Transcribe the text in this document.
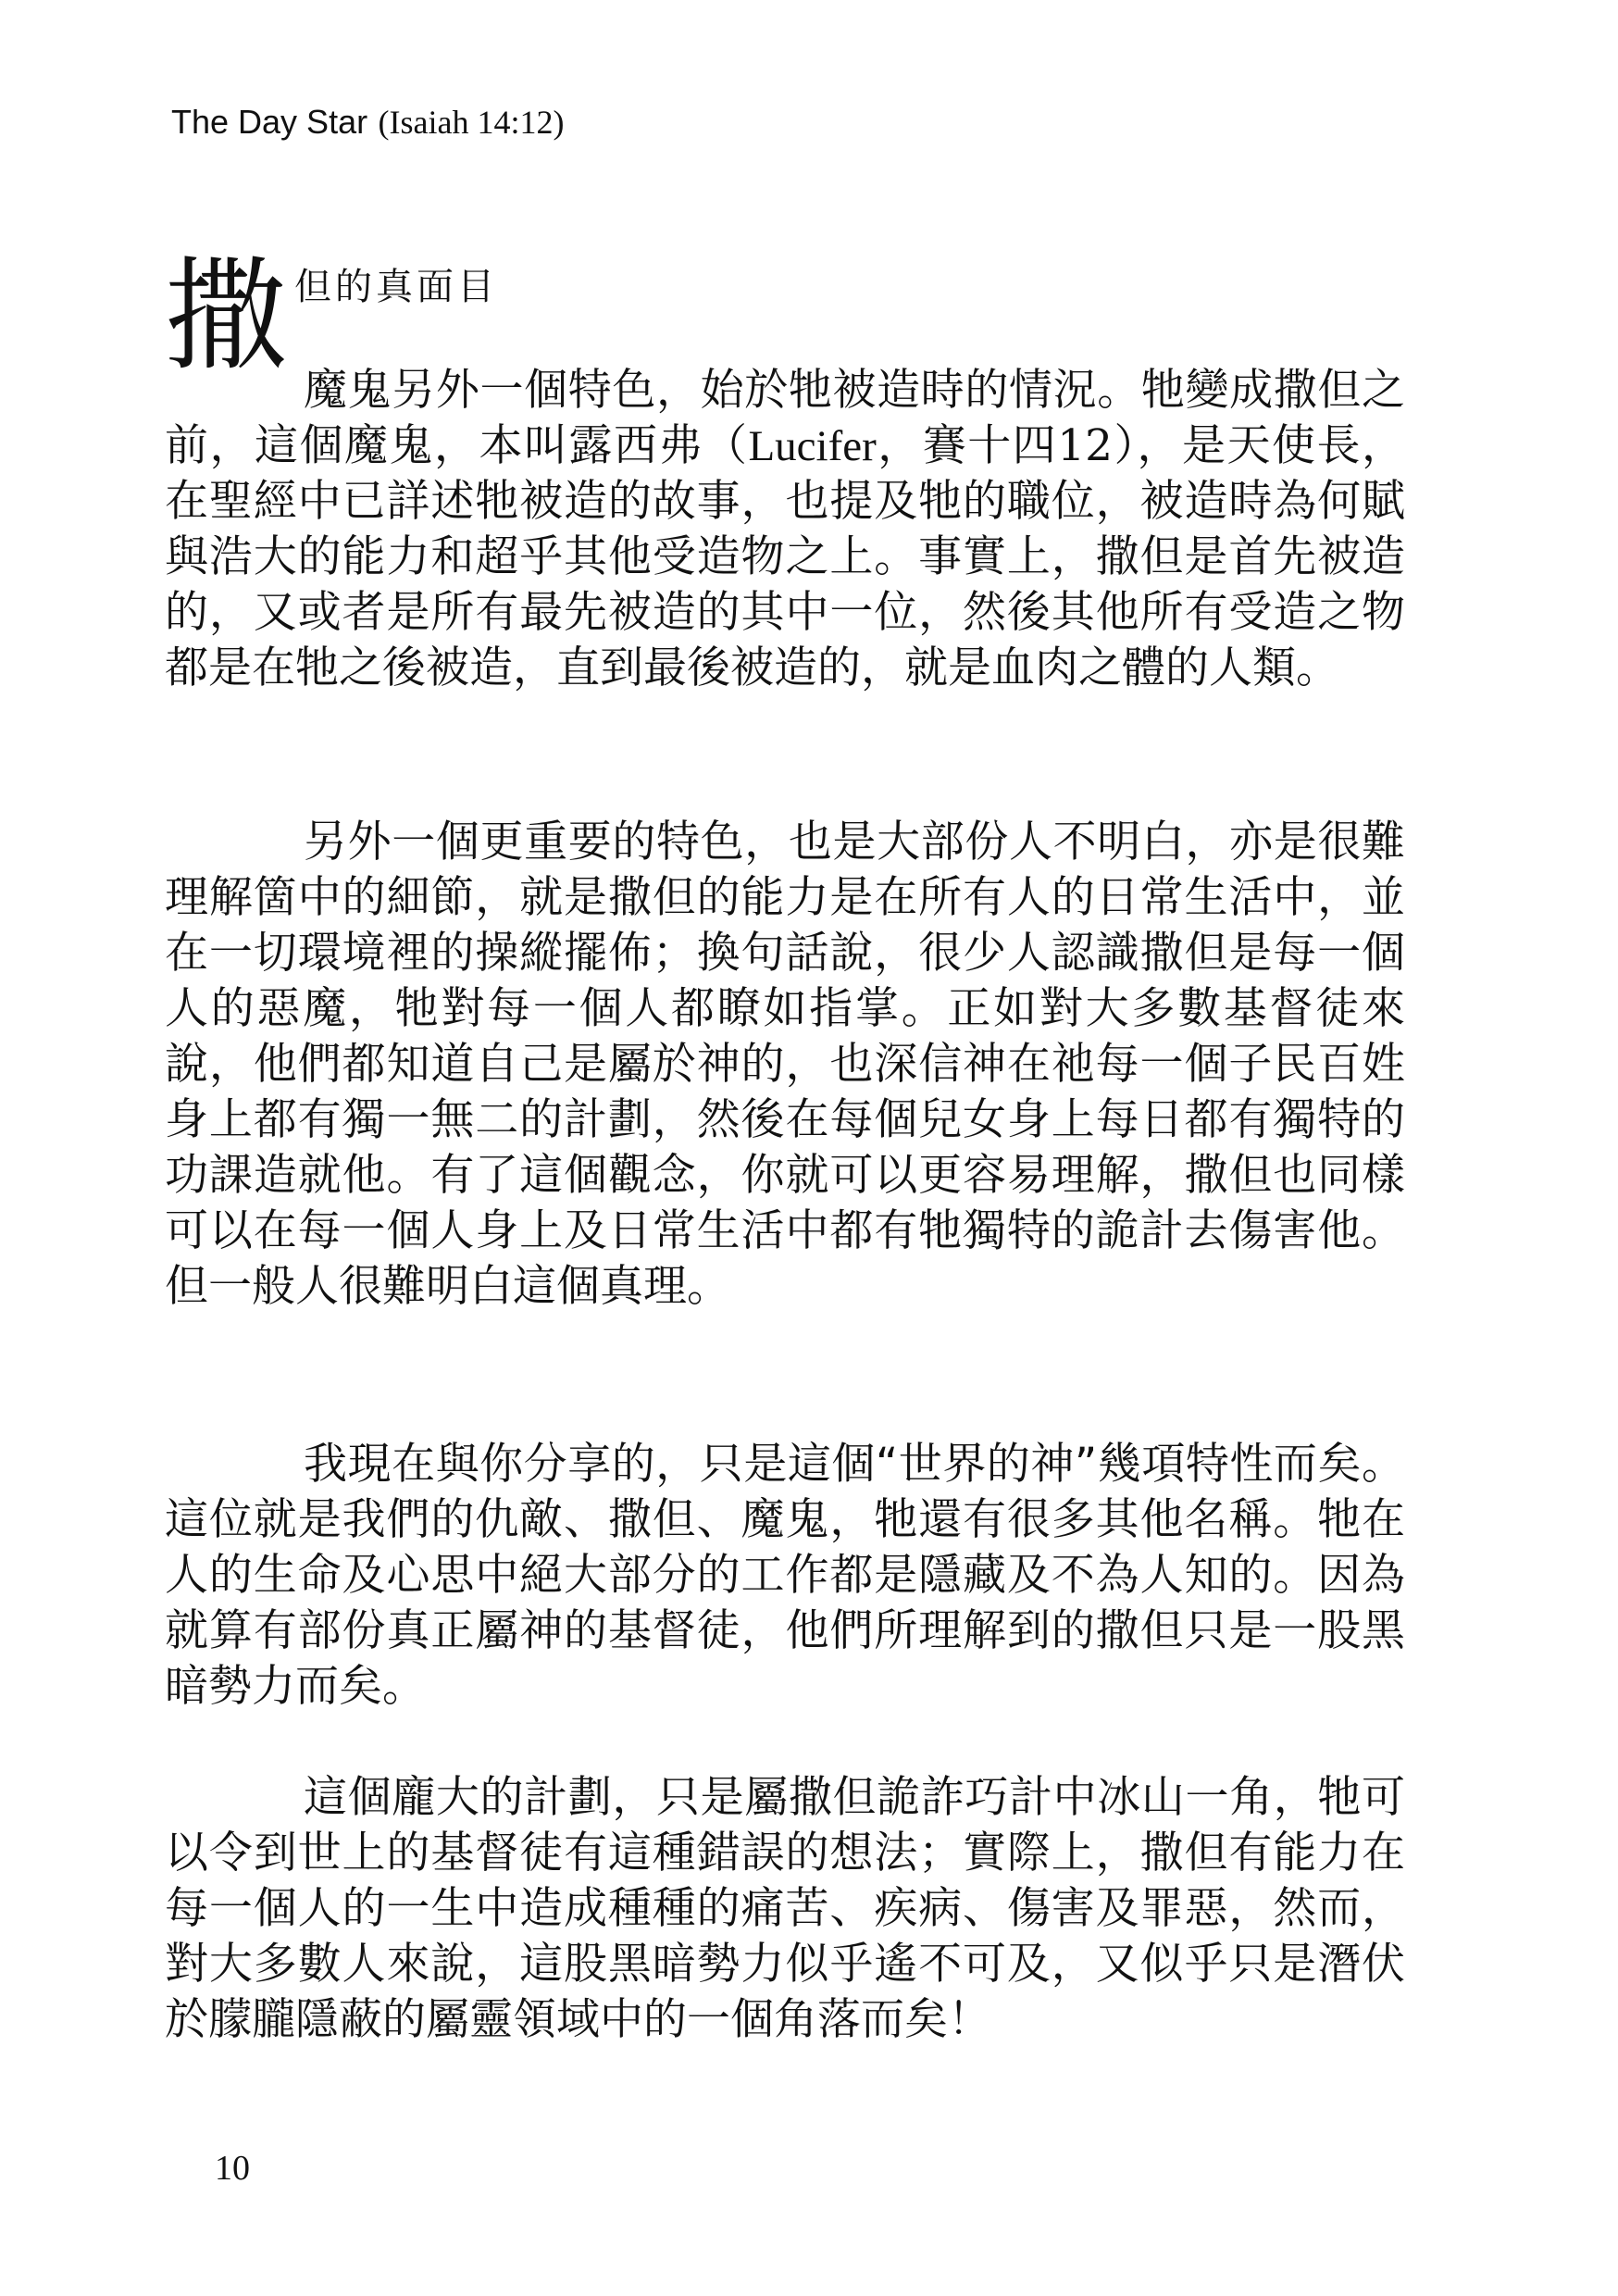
The Day Star (Isaiah 14:12)
撒 但的真面目

魔鬼另外一個特色，始於牠被造時的情況。牠變成撒但之前，這個魔鬼，本叫露西弗（Lucifer，賽十四12），是天使長，在聖經中已詳述牠被造的故事，也提及牠的職位，被造時為何賦與浩大的能力和超乎其他受造物之上。事實上，撒但是首先被造的，又或者是所有最先被造的其中一位，然後其他所有受造之物都是在牠之後被造，直到最後被造的，就是血肉之體的人類。

另外一個更重要的特色，也是大部份人不明白，亦是很難理解箇中的細節，就是撒但的能力是在所有人的日常生活中，並在一切環境裡的操縱擺佈；換句話說，很少人認識撒但是每一個人的惡魔，牠對每一個人都瞭如指掌。正如對大多數基督徒來說，他們都知道自己是屬於神的，也深信神在祂每一個子民百姓身上都有獨一無二的計劃，然後在每個兒女身上每日都有獨特的功課造就他。有了這個觀念，你就可以更容易理解，撒但也同樣可以在每一個人身上及日常生活中都有牠獨特的詭計去傷害他。但一般人很難明白這個真理。

我現在與你分享的，只是這個“世界的神”幾項特性而矣。這位就是我們的仇敵、撒但、魔鬼，牠還有很多其他名稱。牠在人的生命及心思中絕大部分的工作都是隱藏及不為人知的。因為就算有部份真正屬神的基督徒，他們所理解到的撒但只是一股黑暗勢力而矣。

這個龐大的計劃，只是屬撒但詭詐巧計中冰山一角，牠可以令到世上的基督徒有這種錯誤的想法；實際上，撒但有能力在每一個人的一生中造成種種的痛苦、疾病、傷害及罪惡，然而，對大多數人來說，這股黑暗勢力似乎遙不可及，又似乎只是潛伏於朦朧隱蔽的屬靈領域中的一個角落而矣！

10
